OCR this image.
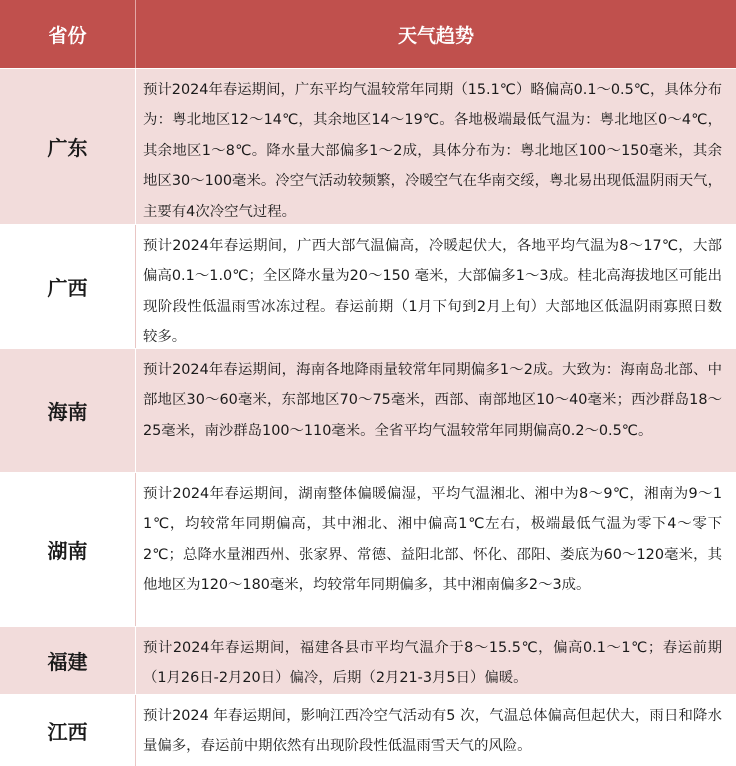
省份	天气趋势
广东
预计2024年春运期间，广东平均气温较常年同期（15.1℃）略偏高0.1～0.5℃，具体分布为：粤北地区12～14℃，其余地区14～19℃。各地极端最低气温为：粤北地区0～4℃，其余地区1～8℃。降水量大部偏多1～2成，具体分布为：粤北地区100～150毫米，其余地区30～100毫米。冷空气活动较频繁，冷暖空气在华南交绥，粤北易出现低温阴雨天气，主要有4次冷空气过程。
广西
预计2024年春运期间，广西大部气温偏高，冷暖起伏大，各地平均气温为8～17℃，大部偏高0.1～1.0℃；全区降水量为20～150 毫米，大部偏多1～3成。桂北高海拔地区可能出现阶段性低温雨雪冰冻过程。春运前期（1月下旬到2月上旬）大部地区低温阴雨寡照日数较多。
海南
预计2024年春运期间，海南各地降雨量较常年同期偏多1～2成。大致为：海南岛北部、中部地区30～60毫米，东部地区70～75毫米，西部、南部地区10～40毫米；西沙群岛18～25毫米，南沙群岛100～110毫米。全省平均气温较常年同期偏高0.2～0.5℃。
湖南
预计2024年春运期间，湖南整体偏暖偏湿，平均气温湘北、湘中为8～9℃，湘南为9～11℃，均较常年同期偏高，其中湘北、湘中偏高1℃左右，极端最低气温为零下4～零下2℃；总降水量湘西州、张家界、常德、益阳北部、怀化、邵阳、娄底为60～120毫米，其他地区为120～180毫米，均较常年同期偏多，其中湘南偏多2～3成。
福建
预计2024年春运期间，福建各县市平均气温介于8～15.5℃，偏高0.1～1℃；春运前期（1月26日-2月20日）偏冷，后期（2月21-3月5日）偏暖。
江西
预计2024 年春运期间，影响江西冷空气活动有5 次，气温总体偏高但起伏大，雨日和降水量偏多，春运前中期依然有出现阶段性低温雨雪天气的风险。
